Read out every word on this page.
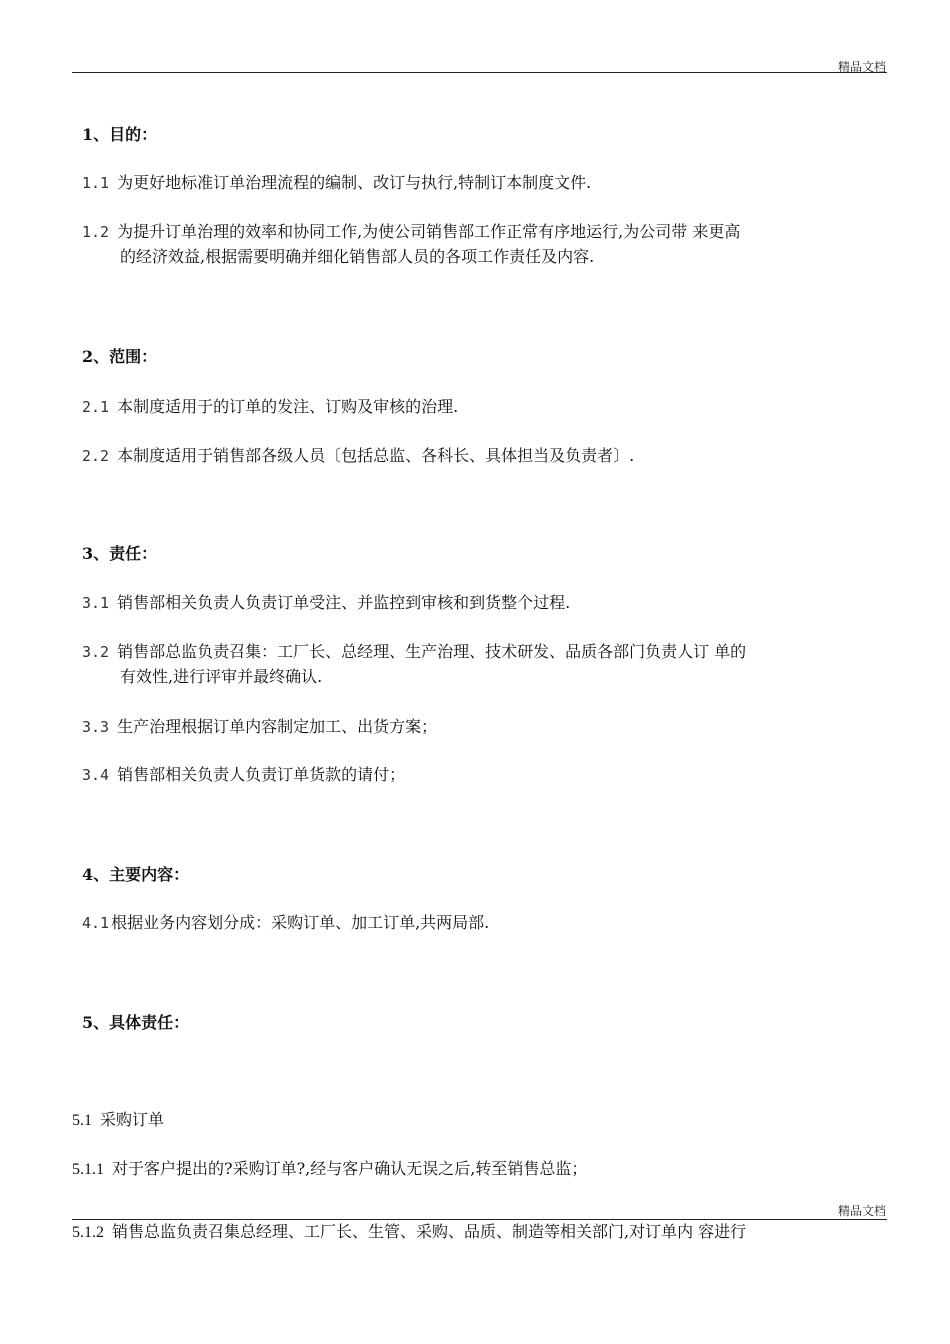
精品文档
1、目的：
1.1 为更好地标准订单治理流程的编制、改订与执行,特制订本制度文件.
1.2 为提升订单治理的效率和协同工作,为使公司销售部工作正常有序地运行,为公司带 来更高
的经济效益,根据需要明确并细化销售部人员的各项工作责任及内容.
2、范围：
2.1 本制度适用于的订单的发注、订购及审核的治理.
2.2 本制度适用于销售部各级人员〔包括总监、各科长、具体担当及负责者〕.
3、责任：
3.1 销售部相关负责人负责订单受注、并监控到审核和到货整个过程.
3.2 销售部总监负责召集：工厂长、总经理、生产治理、技术研发、品质各部门负责人订 单的
有效性,进行评审并最终确认.
3.3 生产治理根据订单内容制定加工、出货方案；
3.4 销售部相关负责人负责订单货款的请付；
4、主要内容：
4.1 根据业务内容划分成：采购订单、加工订单,共两局部.
5、具体责任：
5.1 采购订单
5.1.1 对于客户提出的?采购订单?,经与客户确认无误之后,转至销售总监；
精品文档
5.1.2 销售总监负责召集总经理、工厂长、生管、采购、品质、制造等相关部门,对订单内 容进行
